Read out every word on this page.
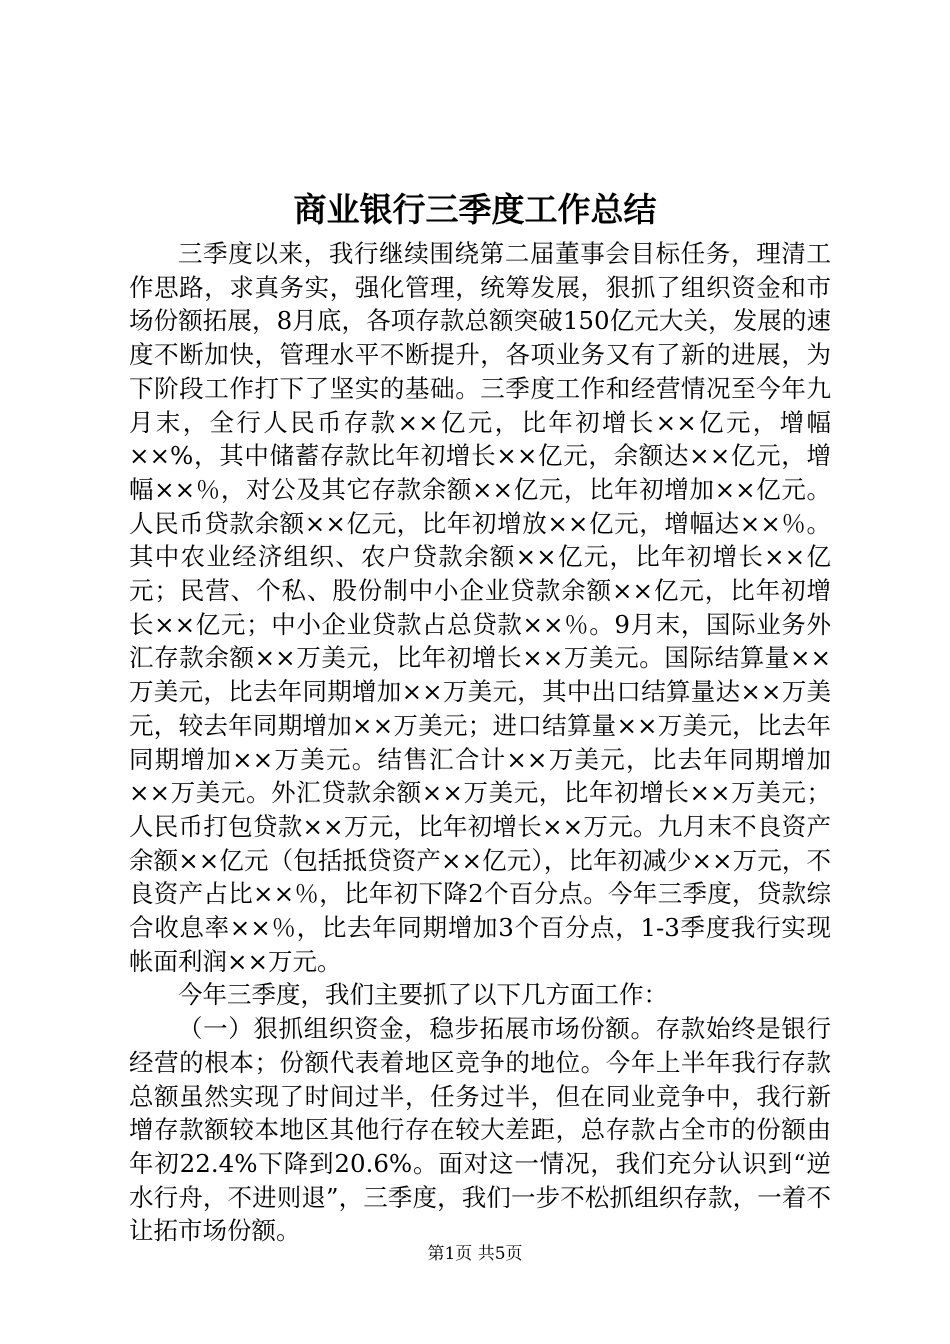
商业银行三季度工作总结

三季度以来，我行继续围绕第二届董事会目标任务，理清工作思路，求真务实，强化管理，统筹发展，狠抓了组织资金和市场份额拓展，8月底，各项存款总额突破150亿元大关，发展的速度不断加快，管理水平不断提升，各项业务又有了新的进展，为下阶段工作打下了坚实的基础。三季度工作和经营情况至今年九月末，全行人民币存款××亿元，比年初增长××亿元，增幅××%，其中储蓄存款比年初增长××亿元，余额达××亿元，增幅××％，对公及其它存款余额××亿元，比年初增加××亿元。人民币贷款余额××亿元，比年初增放××亿元，增幅达××％。其中农业经济组织、农户贷款余额××亿元，比年初增长××亿元；民营、个私、股份制中小企业贷款余额××亿元，比年初增长××亿元；中小企业贷款占总贷款××％。9月末，国际业务外汇存款余额××万美元，比年初增长××万美元。国际结算量××万美元，比去年同期增加××万美元，其中出口结算量达××万美元，较去年同期增加××万美元；进口结算量××万美元，比去年同期增加××万美元。结售汇合计××万美元，比去年同期增加××万美元。外汇贷款余额××万美元，比年初增长××万美元；人民币打包贷款××万元，比年初增长××万元。九月末不良资产余额××亿元（包括抵贷资产××亿元），比年初减少××万元，不良资产占比××％，比年初下降2个百分点。今年三季度，贷款综合收息率××％，比去年同期增加3个百分点，1-3季度我行实现帐面利润××万元。

今年三季度，我们主要抓了以下几方面工作：

（一）狠抓组织资金，稳步拓展市场份额。存款始终是银行经营的根本；份额代表着地区竞争的地位。今年上半年我行存款总额虽然实现了时间过半，任务过半，但在同业竞争中，我行新增存款额较本地区其他行存在较大差距，总存款占全市的份额由年初22.4%下降到20.6%。面对这一情况，我们充分认识到“逆水行舟，不进则退”，三季度，我们一步不松抓组织存款，一着不让拓市场份额。

第1页 共5页
